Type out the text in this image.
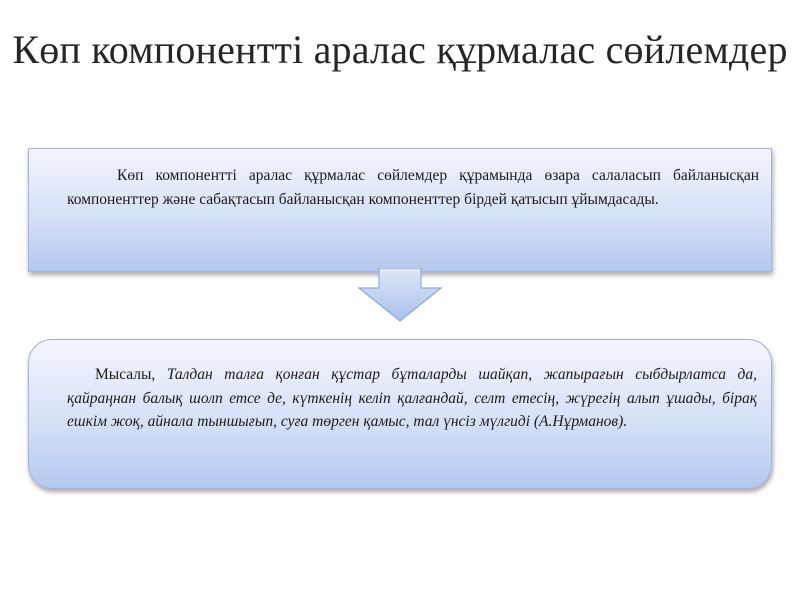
Көп компонентті аралас құрмалас сөйлемдер
Көп компонентті аралас құрмалас сөйлемдер құрамында өзара салаласып байланысқан компоненттер және сабақтасып байланысқан компоненттер бірдей қатысып ұйымдасады.
Мысалы, Талдан талға қонған құстар бұталарды шайқап, жапырағын сыбдырлатса да, қайраңнан балық шолп етсе де, күткенің келіп қалғандай, селт етесің, жүрегің алып ұшады, бірақ ешкім жоқ, айнала тыншығып, суға төрген қамыс, тал үнсіз мүлгиді (А.Нұрманов).
